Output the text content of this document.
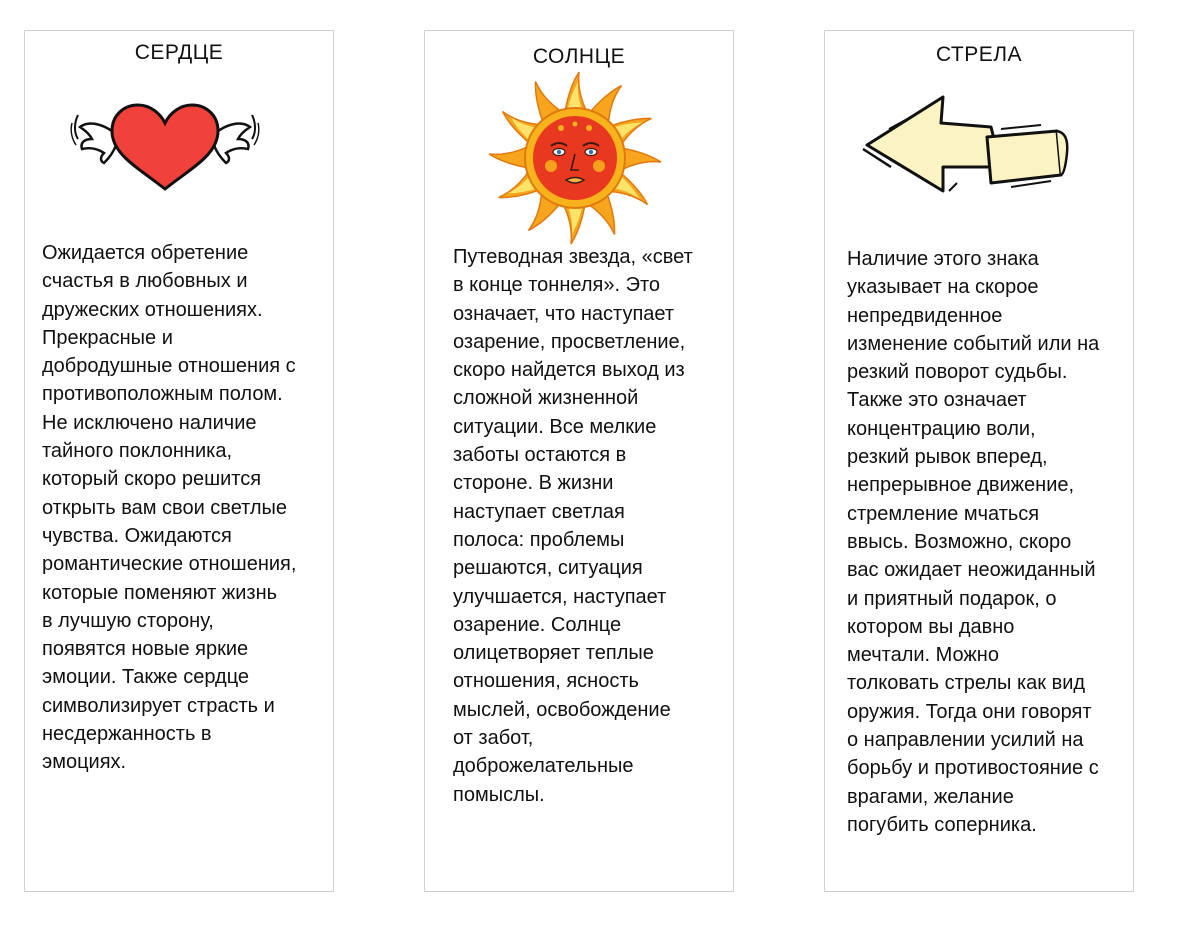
СЕРДЦЕ
Ожидается обретение
счастья в любовных и
дружеских отношениях.
Прекрасные и
добродушные отношения с
противоположным полом.
Не исключено наличие
тайного поклонника,
который скоро решится
открыть вам свои светлые
чувства. Ожидаются
романтические отношения,
которые поменяют жизнь
в лучшую сторону,
появятся новые яркие
эмоции. Также сердце
символизирует страсть и
несдержанность в
эмоциях.
СОЛНЦЕ
Путеводная звезда, «свет
в конце тоннеля». Это
означает, что наступает
озарение, просветление,
скоро найдется выход из
сложной жизненной
ситуации. Все мелкие
заботы остаются в
стороне. В жизни
наступает светлая
полоса: проблемы
решаются, ситуация
улучшается, наступает
озарение. Солнце
олицетворяет теплые
отношения, ясность
мыслей, освобождение
от забот,
доброжелательные
помыслы.
СТРЕЛА
Наличие этого знака
указывает на скорое
непредвиденное
изменение событий или на
резкий поворот судьбы.
Также это означает
концентрацию воли,
резкий рывок вперед,
непрерывное движение,
стремление мчаться
ввысь. Возможно, скоро
вас ожидает неожиданный
и приятный подарок, о
котором вы давно
мечтали. Можно
толковать стрелы как вид
оружия. Тогда они говорят
о направлении усилий на
борьбу и противостояние с
врагами, желание
погубить соперника.
